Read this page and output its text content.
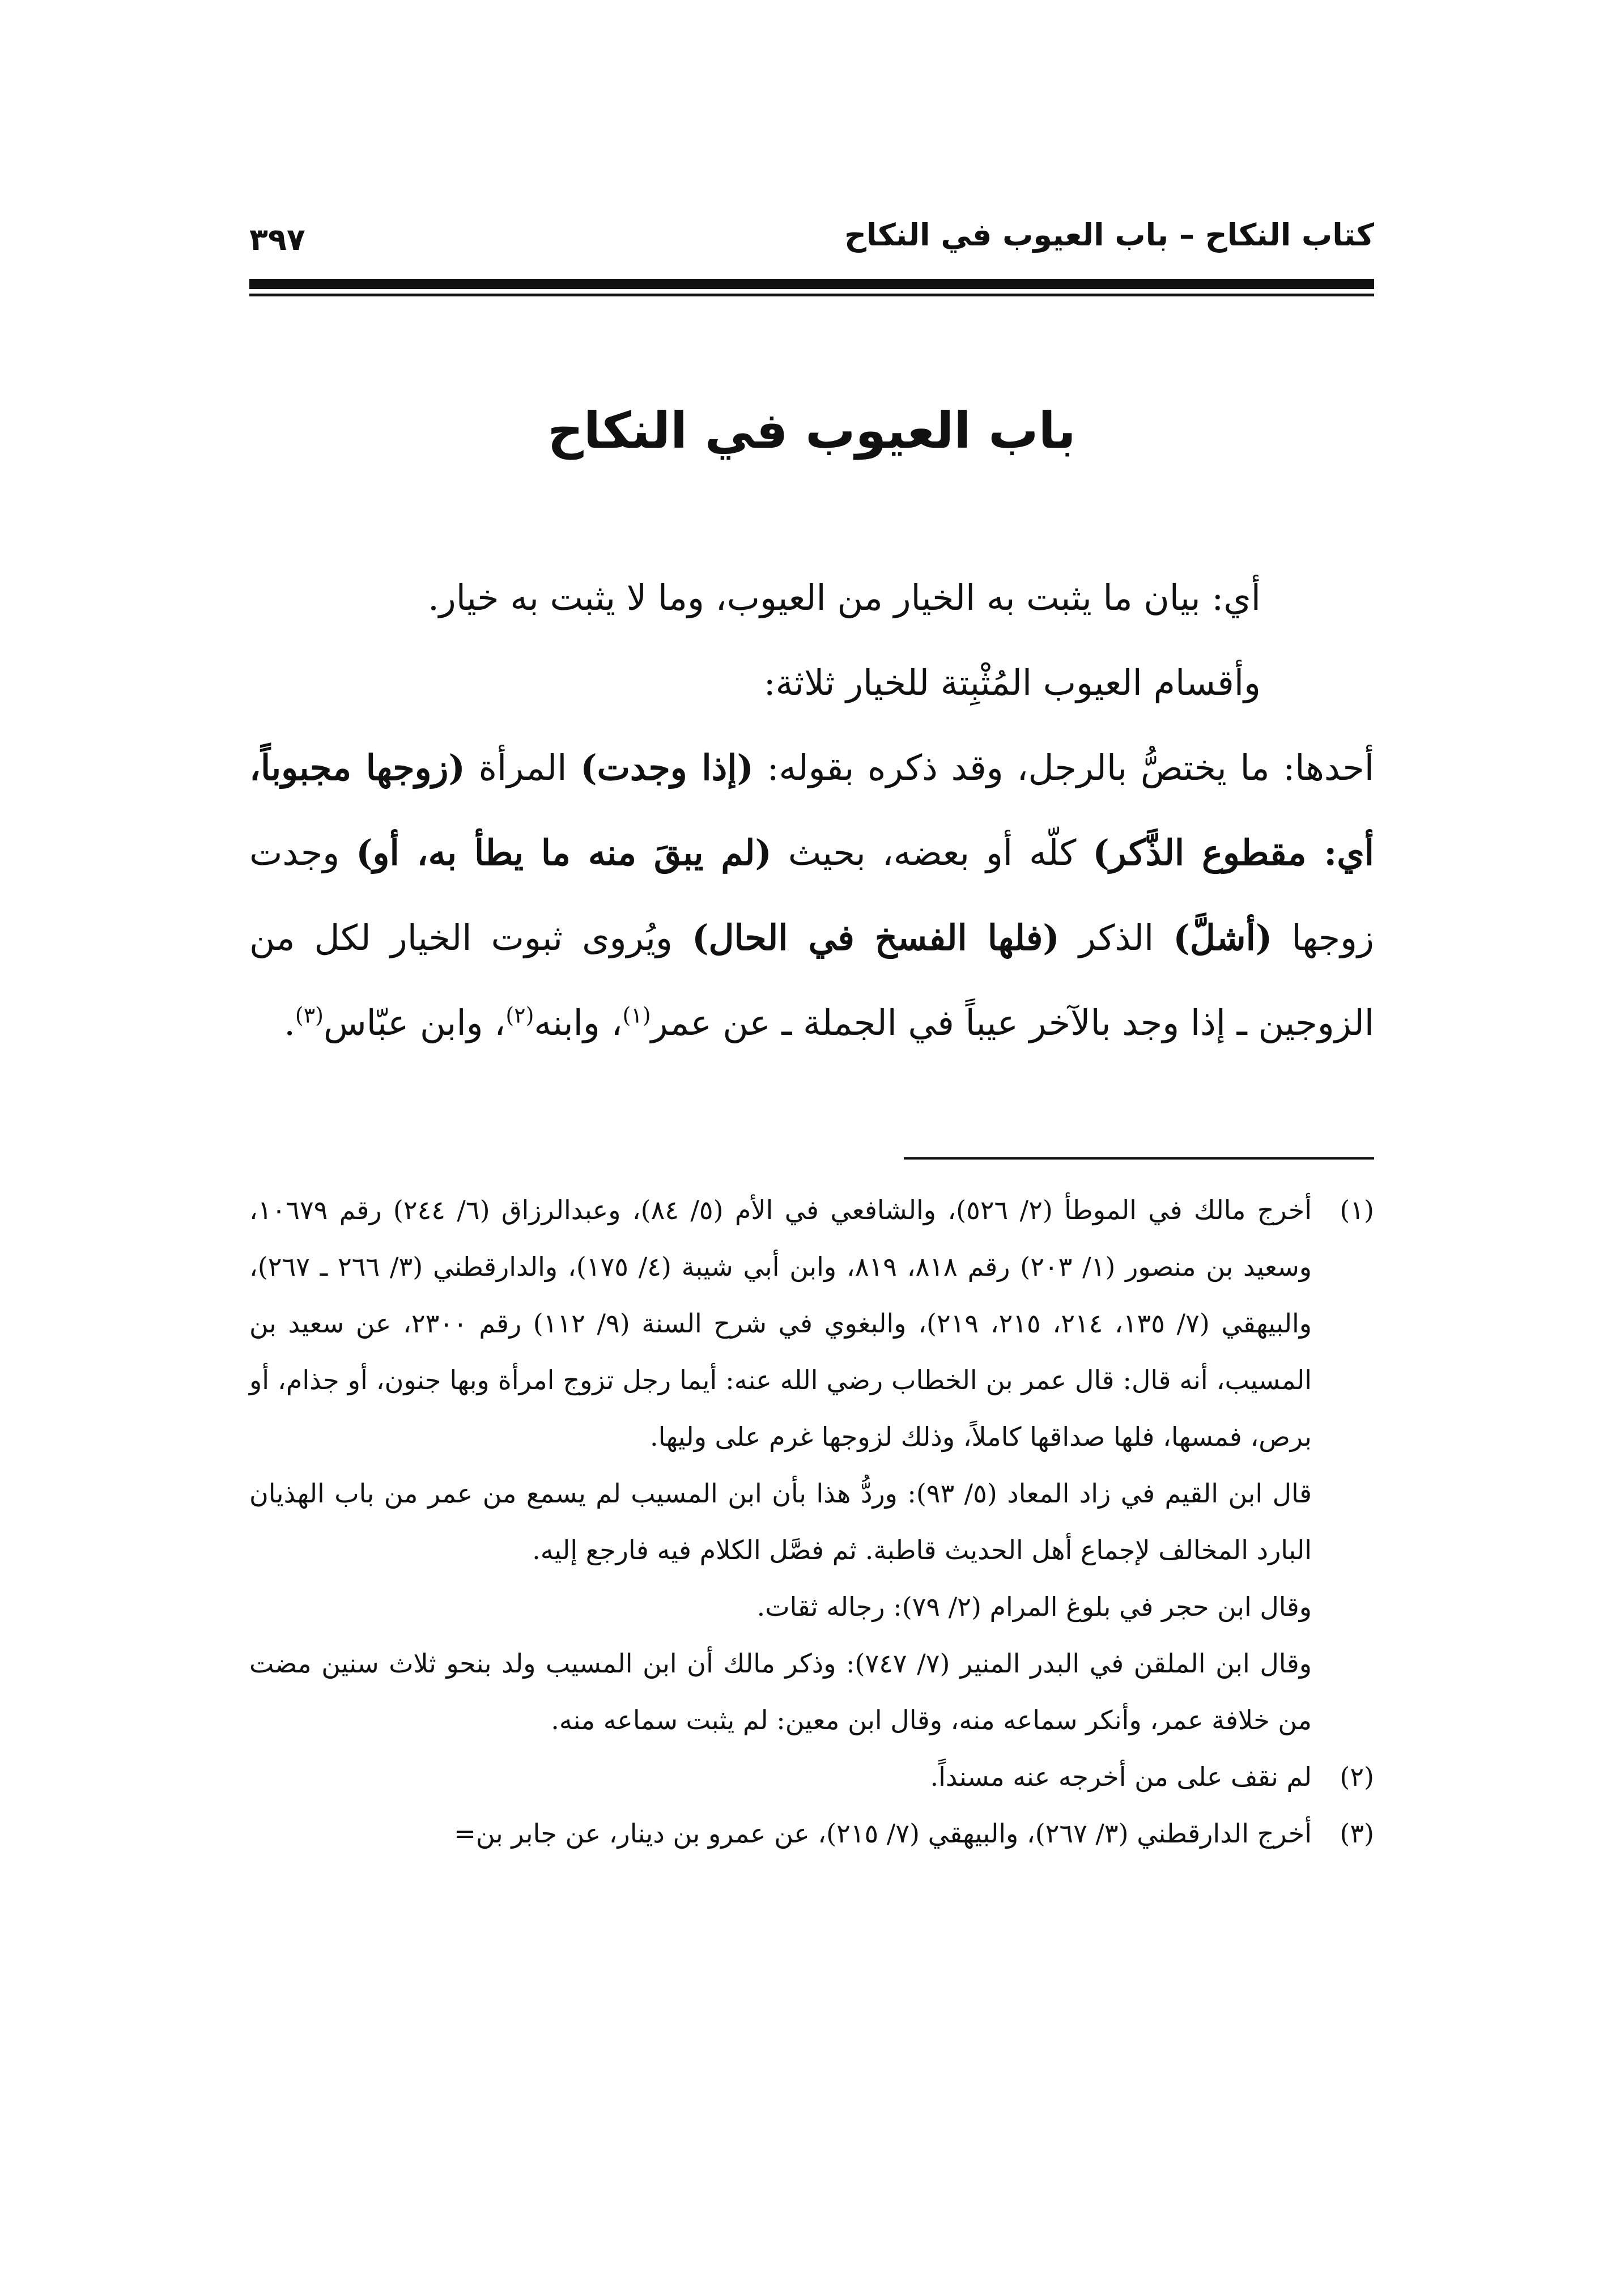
كتاب النكاح – باب العيوب في النكاح
٣٩٧
باب العيوب في النكاح

أي: بيان ما يثبت به الخيار من العيوب، وما لا يثبت به خيار.

وأقسام العيوب المُثْبِتة للخيار ثلاثة:

أحدها: ما يختصُّ بالرجل، وقد ذكره بقوله: (إذا وجدت) المرأة (زوجها مجبوباً، أي: مقطوع الذَّكر) كلّه أو بعضه، بحيث (لم يبقَ منه ما يطأ به، أو) وجدت زوجها (أشلَّ) الذكر (فلها الفسخ في الحال) ويُروى ثبوت الخيار لكل من الزوجين ـ إذا وجد بالآخر عيباً في الجملة ـ عن عمر$^{(١)}$، وابنه$^{(٢)}$، وابن عبّاس$^{(٣)}$.

(١)
أخرج مالك في الموطأ (٢/ ٥٢٦)، والشافعي في الأم (٥/ ٨٤)، وعبدالرزاق (٦/ ٢٤٤) رقم ١٠٦٧٩، وسعيد بن منصور (١/ ٢٠٣) رقم ٨١٨، ٨١٩، وابن أبي شيبة (٤/ ١٧٥)، والدارقطني (٣/ ٢٦٦ ـ ٢٦٧)، والبيهقي (٧/ ١٣٥، ٢١٤، ٢١٥، ٢١٩)، والبغوي في شرح السنة (٩/ ١١٢) رقم ٢٣٠٠، عن سعيد بن المسيب، أنه قال: قال عمر بن الخطاب رضي الله عنه: أيما رجل تزوج امرأة وبها جنون، أو جذام، أو برص، فمسها، فلها صداقها كاملاً، وذلك لزوجها غرم على وليها.

قال ابن القيم في زاد المعاد (٥/ ٩٣): وردُّ هذا بأن ابن المسيب لم يسمع من عمر من باب الهذيان البارد المخالف لإجماع أهل الحديث قاطبة. ثم فصَّل الكلام فيه فارجع إليه.

وقال ابن حجر في بلوغ المرام (٢/ ٧٩): رجاله ثقات.

وقال ابن الملقن في البدر المنير (٧/ ٧٤٧): وذكر مالك أن ابن المسيب ولد بنحو ثلاث سنين مضت من خلافة عمر، وأنكر سماعه منه، وقال ابن معين: لم يثبت سماعه منه.

(٢)
لم نقف على من أخرجه عنه مسنداً.

(٣)
أخرج الدارقطني (٣/ ٢٦٧)، والبيهقي (٧/ ٢١٥)، عن عمرو بن دينار، عن جابر بن=
